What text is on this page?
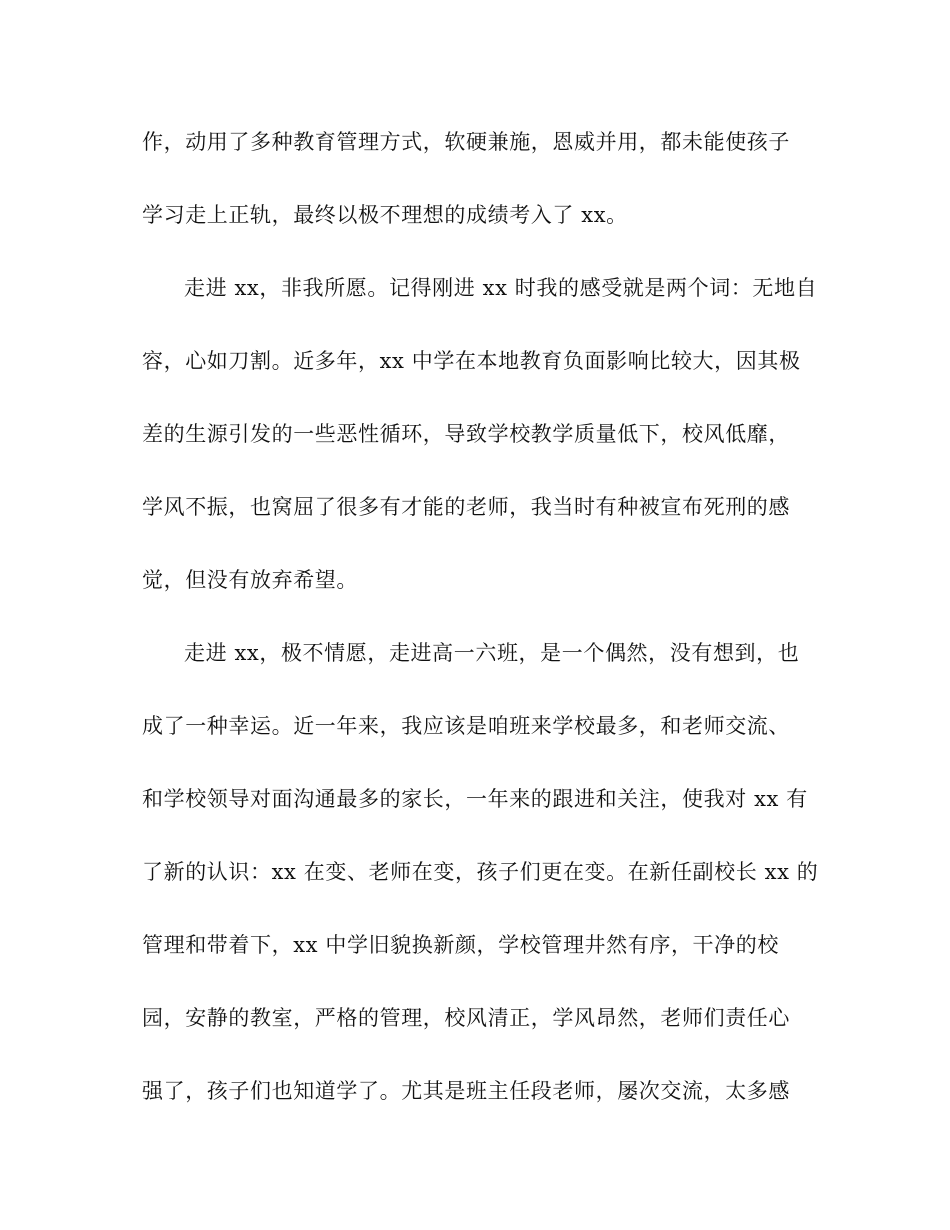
作，动用了多种教育管理方式，软硬兼施，恩威并用，都未能使孩子
学习走上正轨，最终以极不理想的成绩考入了 xx。
走进 xx，非我所愿。记得刚进 xx 时我的感受就是两个词：无地自
容，心如刀割。近多年，xx 中学在本地教育负面影响比较大，因其极
差的生源引发的一些恶性循环，导致学校教学质量低下，校风低靡，
学风不振，也窝屈了很多有才能的老师，我当时有种被宣布死刑的感
觉，但没有放弃希望。
走进 xx，极不情愿，走进高一六班，是一个偶然，没有想到，也
成了一种幸运。近一年来，我应该是咱班来学校最多，和老师交流、
和学校领导对面沟通最多的家长，一年来的跟进和关注，使我对 xx 有
了新的认识：xx 在变、老师在变，孩子们更在变。在新任副校长 xx 的
管理和带着下，xx 中学旧貌换新颜，学校管理井然有序，干净的校
园，安静的教室，严格的管理，校风清正，学风昂然，老师们责任心
强了，孩子们也知道学了。尤其是班主任段老师，屡次交流，太多感
